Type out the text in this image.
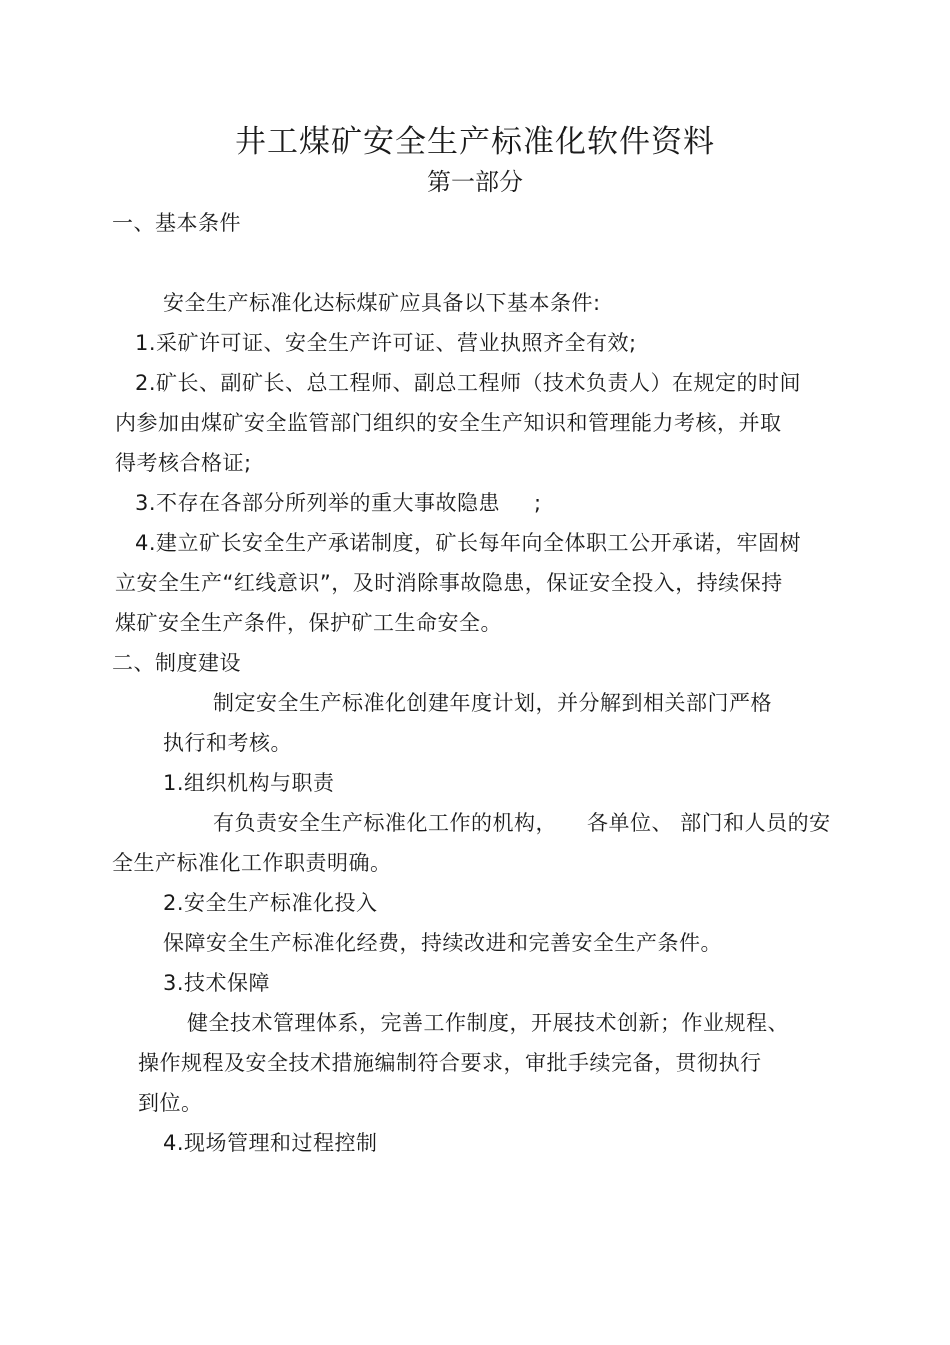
井工煤矿安全生产标准化软件资料
第一部分
一、基本条件
安全生产标准化达标煤矿应具备以下基本条件:
1.采矿许可证、安全生产许可证、营业执照齐全有效;
2.矿长、副矿长、总工程师、副总工程师（技术负责人）在规定的时间
内参加由煤矿安全监管部门组织的安全生产知识和管理能力考核，并取
得考核合格证;
3.不存在各部分所列举的重大事故隐患 ;
4.建立矿长安全生产承诺制度，矿长每年向全体职工公开承诺，牢固树
立安全生产“红线意识”，及时消除事故隐患，保证安全投入，持续保持
煤矿安全生产条件，保护矿工生命安全。
二、制度建设
制定安全生产标准化创建年度计划，并分解到相关部门严格
执行和考核。
1.组织机构与职责
有负责安全生产标准化工作的机构， 各单位、 部门和人员的安
全生产标准化工作职责明确。
2.安全生产标准化投入
保障安全生产标准化经费，持续改进和完善安全生产条件。
3.技术保障
健全技术管理体系，完善工作制度，开展技术创新；作业规程、
操作规程及安全技术措施编制符合要求，审批手续完备，贯彻执行
到位。
4.现场管理和过程控制
